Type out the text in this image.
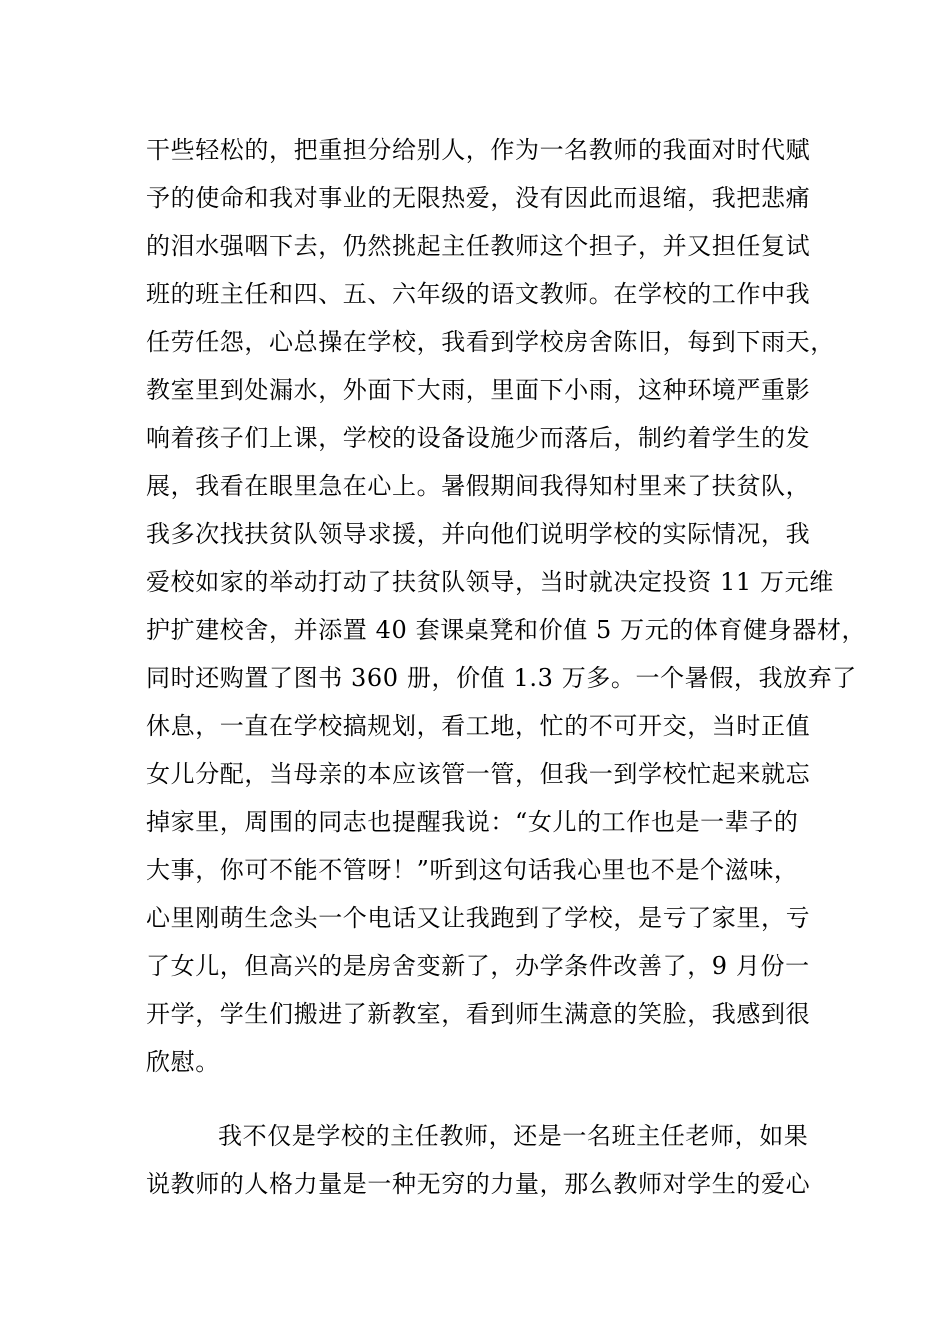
干些轻松的，把重担分给别人，作为一名教师的我面对时代赋
予的使命和我对事业的无限热爱，没有因此而退缩，我把悲痛
的泪水强咽下去，仍然挑起主任教师这个担子，并又担任复试
班的班主任和四、五、六年级的语文教师。在学校的工作中我
任劳任怨，心总操在学校，我看到学校房舍陈旧，每到下雨天，
教室里到处漏水，外面下大雨，里面下小雨，这种环境严重影
响着孩子们上课，学校的设备设施少而落后，制约着学生的发
展，我看在眼里急在心上。暑假期间我得知村里来了扶贫队，
我多次找扶贫队领导求援，并向他们说明学校的实际情况，我
爱校如家的举动打动了扶贫队领导，当时就决定投资 11 万元维
护扩建校舍，并添置 40 套课桌凳和价值 5 万元的体育健身器材，
同时还购置了图书 360 册，价值 1.3 万多。一个暑假，我放弃了
休息，一直在学校搞规划，看工地，忙的不可开交，当时正值
女儿分配，当母亲的本应该管一管，但我一到学校忙起来就忘
掉家里，周围的同志也提醒我说：“女儿的工作也是一辈子的
大事，你可不能不管呀！”听到这句话我心里也不是个滋味，
心里刚萌生念头一个电话又让我跑到了学校，是亏了家里，亏
了女儿，但高兴的是房舍变新了，办学条件改善了，9 月份一
开学，学生们搬进了新教室，看到师生满意的笑脸，我感到很
欣慰。
我不仅是学校的主任教师，还是一名班主任老师，如果
说教师的人格力量是一种无穷的力量，那么教师对学生的爱心
